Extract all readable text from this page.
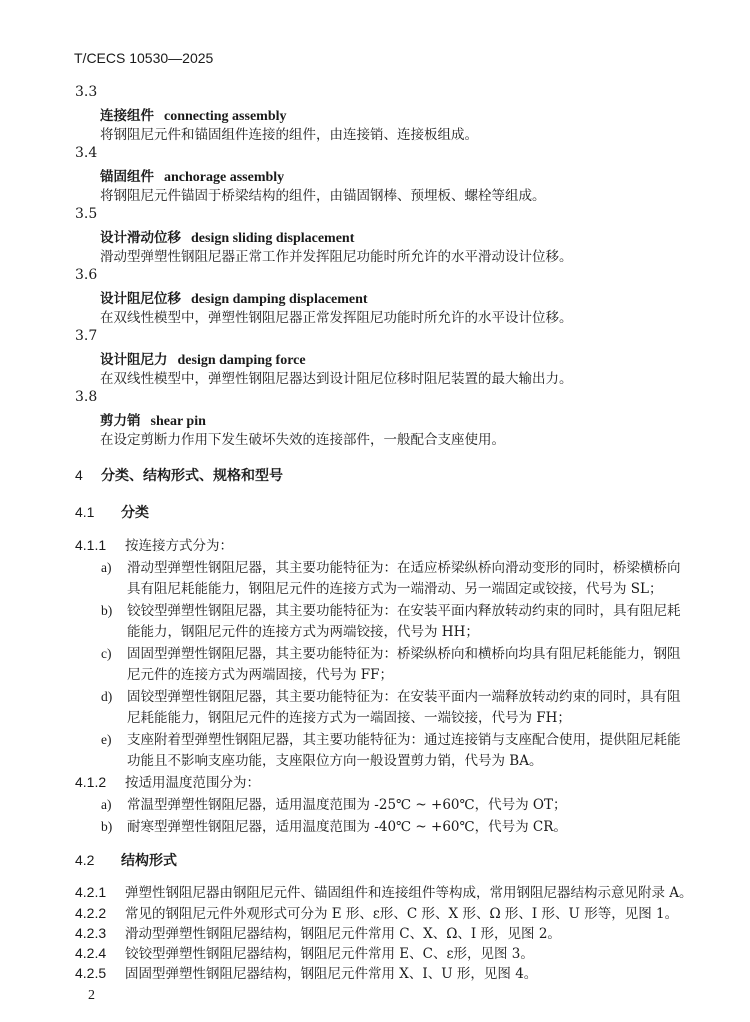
T/CECS 10530—2025
3.3
连接组件 connecting assembly
将钢阻尼元件和锚固组件连接的组件，由连接销、连接板组成。
3.4
锚固组件 anchorage assembly
将钢阻尼元件锚固于桥梁结构的组件，由锚固钢棒、预埋板、螺栓等组成。
3.5
设计滑动位移 design sliding displacement
滑动型弹塑性钢阻尼器正常工作并发挥阻尼功能时所允许的水平滑动设计位移。
3.6
设计阻尼位移 design damping displacement
在双线性模型中，弹塑性钢阻尼器正常发挥阻尼功能时所允许的水平设计位移。
3.7
设计阻尼力 design damping force
在双线性模型中，弹塑性钢阻尼器达到设计阻尼位移时阻尼装置的最大输出力。
3.8
剪力销 shear pin
在设定剪断力作用下发生破坏失效的连接部件，一般配合支座使用。
4 分类、结构形式、规格和型号
4.1 分类
4.1.1 按连接方式分为：
a) 滑动型弹塑性钢阻尼器，其主要功能特征为：在适应桥梁纵桥向滑动变形的同时，桥梁横桥向
具有阻尼耗能能力，钢阻尼元件的连接方式为一端滑动、另一端固定或铰接，代号为 SL；
b) 铰铰型弹塑性钢阻尼器，其主要功能特征为：在安装平面内释放转动约束的同时，具有阻尼耗
能能力，钢阻尼元件的连接方式为两端铰接，代号为 HH；
c) 固固型弹塑性钢阻尼器，其主要功能特征为：桥梁纵桥向和横桥向均具有阻尼耗能能力，钢阻
尼元件的连接方式为两端固接，代号为 FF；
d) 固铰型弹塑性钢阻尼器，其主要功能特征为：在安装平面内一端释放转动约束的同时，具有阻
尼耗能能力，钢阻尼元件的连接方式为一端固接、一端铰接，代号为 FH；
e) 支座附着型弹塑性钢阻尼器，其主要功能特征为：通过连接销与支座配合使用，提供阻尼耗能
功能且不影响支座功能，支座限位方向一般设置剪力销，代号为 BA。
4.1.2 按适用温度范围分为：
a) 常温型弹塑性钢阻尼器，适用温度范围为 -25℃ ~ +60℃，代号为 OT；
b) 耐寒型弹塑性钢阻尼器，适用温度范围为 -40℃ ~ +60℃，代号为 CR。
4.2 结构形式
4.2.1 弹塑性钢阻尼器由钢阻尼元件、锚固组件和连接组件等构成，常用钢阻尼器结构示意见附录 A。
4.2.2 常见的钢阻尼元件外观形式可分为 E 形、ε形、C 形、X 形、Ω 形、I 形、U 形等，见图 1。
4.2.3 滑动型弹塑性钢阻尼器结构，钢阻尼元件常用 C、X、Ω、I 形，见图 2。
4.2.4 铰铰型弹塑性钢阻尼器结构，钢阻尼元件常用 E、C、ε形，见图 3。
4.2.5 固固型弹塑性钢阻尼器结构，钢阻尼元件常用 X、I、U 形，见图 4。
2
